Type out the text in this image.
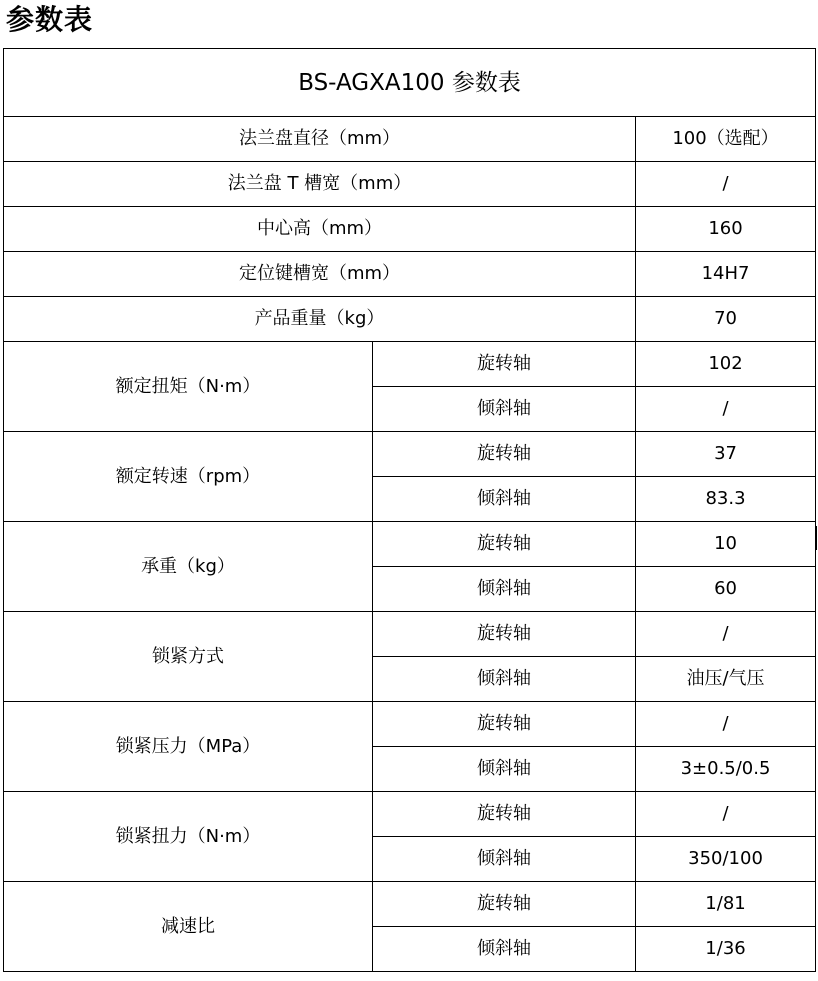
参数表
BS-AGXA100 参数表		
法兰盘直径（mm）		100（选配）
法兰盘 T 槽宽（mm）		/
中心高（mm）		160
定位键槽宽（mm）		14H7
产品重量（kg）		70
额定扭矩（N·m）	旋转轴	102
	倾斜轴	/
额定转速（rpm）	旋转轴	37
	倾斜轴	83.3
承重（kg）	旋转轴	10
	倾斜轴	60
锁紧方式	旋转轴	/
	倾斜轴	油压/气压
锁紧压力（MPa）	旋转轴	/
	倾斜轴	3±0.5/0.5
锁紧扭力（N·m）	旋转轴	/
	倾斜轴	350/100
减速比	旋转轴	1/81
	倾斜轴	1/36
